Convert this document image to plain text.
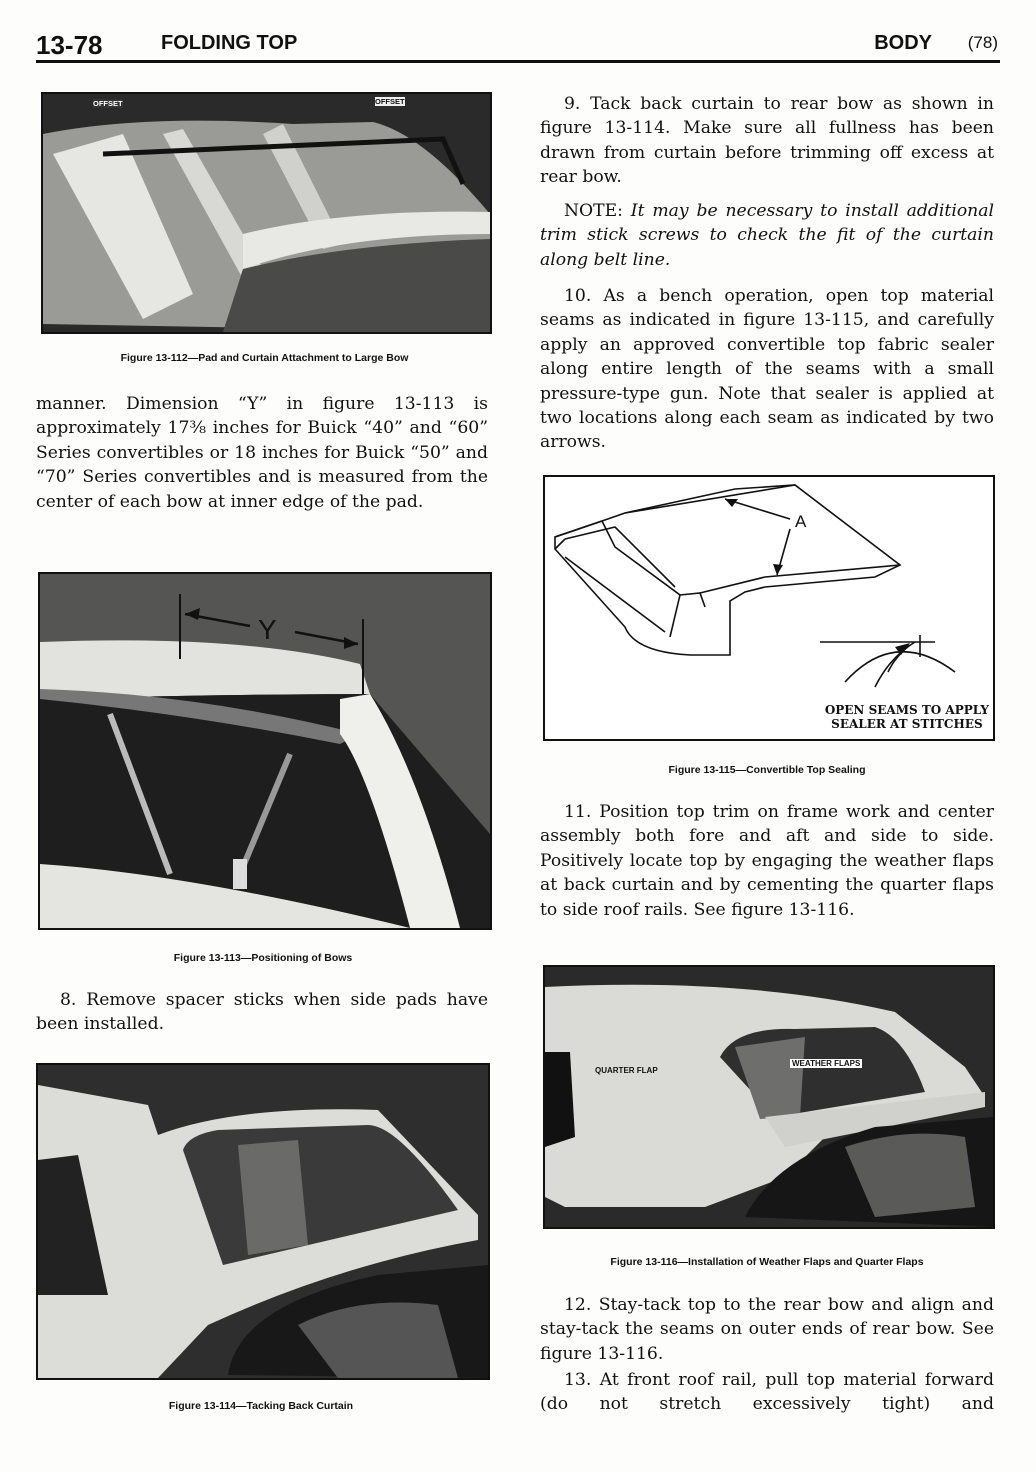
13-78	FOLDING TOP	BODY (78)
OFFSET	OFFSET
Figure 13-112—Pad and Curtain Attachment to Large Bow

manner. Dimension “Y” in figure 13-113 is approximately 17⅜ inches for Buick “40” and “60” Series convertibles or 18 inches for Buick “50” and “70” Series convertibles and is measured from the center of each bow at inner edge of the pad.

Y
Figure 13-113—Positioning of Bows

8. Remove spacer sticks when side pads have been installed.

Figure 13-114—Tacking Back Curtain

9. Tack back curtain to rear bow as shown in figure 13-114. Make sure all fullness has been drawn from curtain before trimming off excess at rear bow.

NOTE: It may be necessary to install additional trim stick screws to check the fit of the curtain along belt line.

10. As a bench operation, open top material seams as indicated in figure 13-115, and carefully apply an approved convertible top fabric sealer along entire length of the seams with a small pressure-type gun. Note that sealer is applied at two locations along each seam as indicated by two arrows.

A
OPEN SEAMS TO APPLY
SEALER AT STITCHES
Figure 13-115—Convertible Top Sealing

11. Position top trim on frame work and center assembly both fore and aft and side to side. Positively locate top by engaging the weather flaps at back curtain and by cementing the quarter flaps to side roof rails. See figure 13-116.

QUARTER FLAP
WEATHER FLAPS
Figure 13-116—Installation of Weather Flaps and Quarter Flaps

12. Stay-tack top to the rear bow and align and stay-tack the seams on outer ends of rear bow. See figure 13-116.

13. At front roof rail, pull top material forward (do not stretch excessively tight) and
